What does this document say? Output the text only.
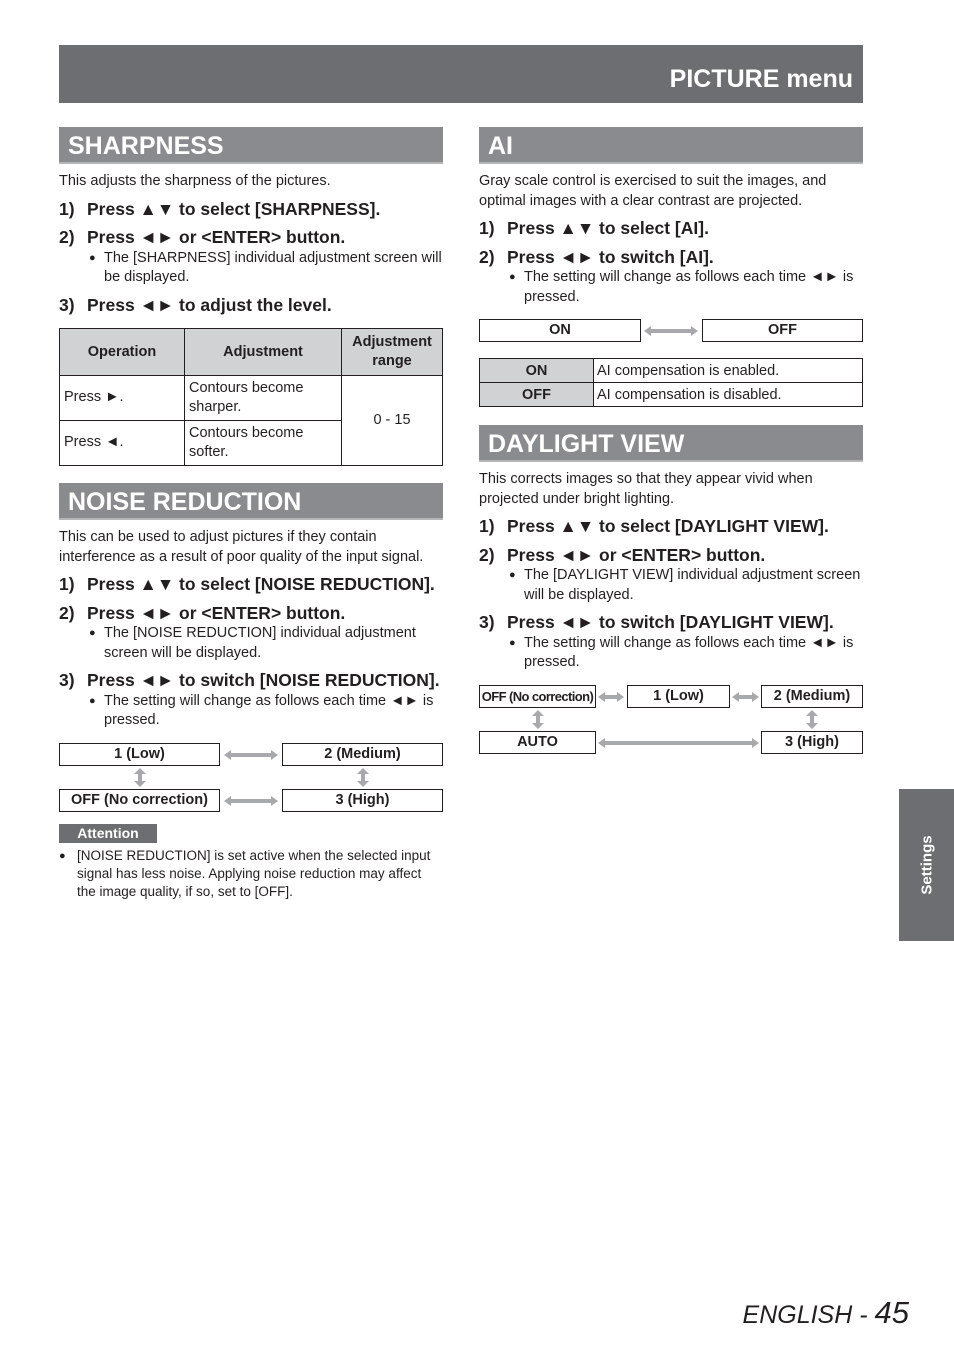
PICTURE menu
SHARPNESS
This adjusts the sharpness of the pictures.
1) Press ▲▼ to select [SHARPNESS].
2) Press ◄► or <ENTER> button.
● The [SHARPNESS] individual adjustment screen will be displayed.
3) Press ◄► to adjust the level.
Operation	Adjustment	Adjustment range
Press ►.	Contours become sharper.	0 - 15
Press ◄.	Contours become softer.	
NOISE REDUCTION
This can be used to adjust pictures if they contain interference as a result of poor quality of the input signal.
1) Press ▲▼ to select [NOISE REDUCTION].
2) Press ◄► or <ENTER> button.
● The [NOISE REDUCTION] individual adjustment screen will be displayed.
3) Press ◄► to switch [NOISE REDUCTION].
● The setting will change as follows each time ◄► is pressed.
1 (Low)	2 (Medium)
OFF (No correction)	3 (High)
Attention
● [NOISE REDUCTION] is set active when the selected input signal has less noise. Applying noise reduction may affect the image quality, if so, set to [OFF].
AI
Gray scale control is exercised to suit the images, and optimal images with a clear contrast are projected.
1) Press ▲▼ to select [AI].
2) Press ◄► to switch [AI].
● The setting will change as follows each time ◄► is pressed.
ON	OFF
ON	AI compensation is enabled.
OFF	AI compensation is disabled.
DAYLIGHT VIEW
This corrects images so that they appear vivid when projected under bright lighting.
1) Press ▲▼ to select [DAYLIGHT VIEW].
2) Press ◄► or <ENTER> button.
● The [DAYLIGHT VIEW] individual adjustment screen will be displayed.
3) Press ◄► to switch [DAYLIGHT VIEW].
● The setting will change as follows each time ◄► is pressed.
OFF (No correction)	1 (Low)	2 (Medium)
AUTO	3 (High)
Settings
ENGLISH - 45
